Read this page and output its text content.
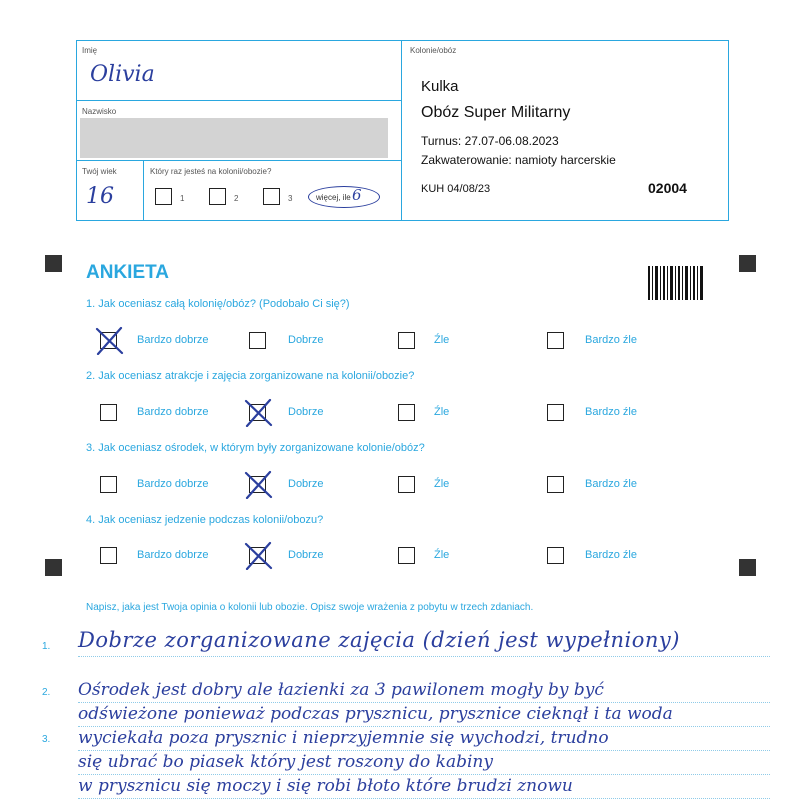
Imię
Olivia
Nazwisko
Twój wiek
16
Który raz jesteś na kolonii/obozie?
1	2	3	więcej, ile 6
Kolonie/obóz
Kulka
Obóz Super Militarny
Turnus: 27.07-06.08.2023
Zakwaterowanie: namioty harcerskie
KUH 04/08/23	02004
ANKIETA
1. Jak oceniasz całą kolonię/obóz? (Podobało Ci się?)
2. Jak oceniasz atrakcje i zajęcia zorganizowane na kolonii/obozie?
3. Jak oceniasz ośrodek, w którym były zorganizowane kolonie/obóz?
4. Jak oceniasz jedzenie podczas kolonii/obozu?
Bardzo dobrze	Dobrze	Źle	Bardzo źle
Bardzo dobrze	Dobrze	Źle	Bardzo źle
Bardzo dobrze	Dobrze	Źle	Bardzo źle
Bardzo dobrze	Dobrze	Źle	Bardzo źle
Napisz, jaka jest Twoja opinia o kolonii lub obozie. Opisz swoje wrażenia z pobytu w trzech zdaniach.
1.
2.
3.
Dobrze zorganizowane zajęcia (dzień jest wypełniony)
Ośrodek jest dobry ale łazienki za 3 pawilonem mogły by być
odświeżone ponieważ podczas prysznicu, prysznice cieknął i ta woda
wyciekała poza prysznic i nieprzyjemnie się wychodzi, trudno
się ubrać bo piasek który jest roszony do kabiny
w prysznicu się moczy i się robi błoto które brudzi znowu
